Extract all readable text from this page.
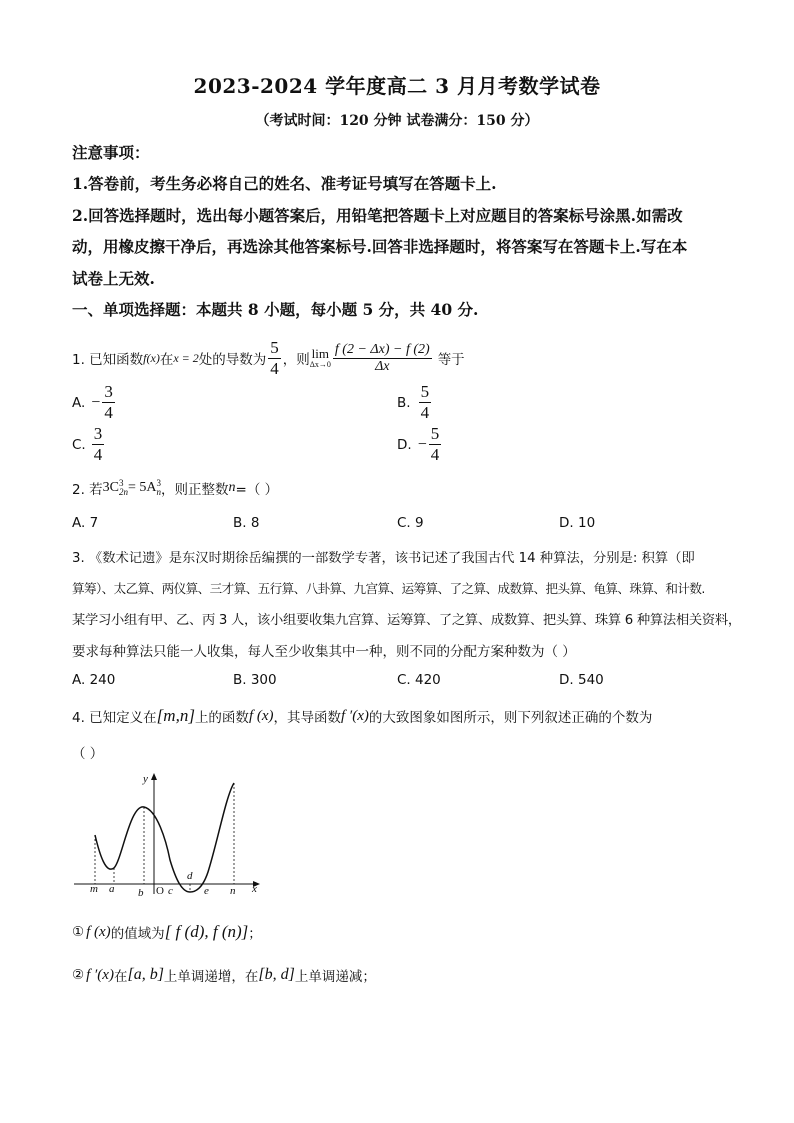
2023-2024 学年度高二 3 月月考数学试卷
（考试时间：120 分钟 试卷满分：150 分）
注意事项：
1.答卷前，考生务必将自己的姓名、准考证号填写在答题卡上.
2.回答选择题时，选出每小题答案后，用铅笔把答题卡上对应题目的答案标号涂黑.如需改
动，用橡皮擦干净后，再选涂其他答案标号.回答非选择题时，将答案写在答题卡上.写在本
试卷上无效.
一、单项选择题：本题共 8 小题，每小题 5 分，共 40 分.
1. 已知函数 f(x) 在 x = 2 处的导数为 $\frac{5}{4}$ ，则 lim
$\Delta x\to 0 \frac{f (2 - \Delta x) - f (2)}{\Delta x}$ 等于
A. − $\frac{3}{4}$	B. $\frac{5}{4}$
C. $\frac{3}{4}$	D. − $\frac{5}{4}$
2. 若 3C 3
2n = 5A 3
n ，则正整数 n =（ ）
A. 7	B. 8	C. 9	D. 10
3. 《数术记遗》是东汉时期徐岳编撰的一部数学专著，该书记述了我国古代 14 种算法，分别是: 积算（即
算筹）、太乙算、两仪算、三才算、五行算、八卦算、九宫算、运筹算、了之算、成数算、把头算、龟算、珠算、和计数.
某学习小组有甲、乙、丙 3 人，该小组要收集九宫算、运筹算、了之算、成数算、把头算、珠算 6 种算法相关资料，
要求每种算法只能一人收集，每人至少收集其中一种，则不同的分配方案种数为（ ）
A. 240	B. 300	C. 420	D. 540
4. 已知定义在 [m,n] 上的函数 f (x) ，其导函数 f ′(x) 的大致图象如图所示，则下列叙述正确的个数为
（ ）
y
x
m a b O c
d
e n
① f (x) 的值域为 [ f (d), f (n)] ；
② f ′(x) 在 [a, b] 上单调递增，在 [b, d] 上单调递减；
